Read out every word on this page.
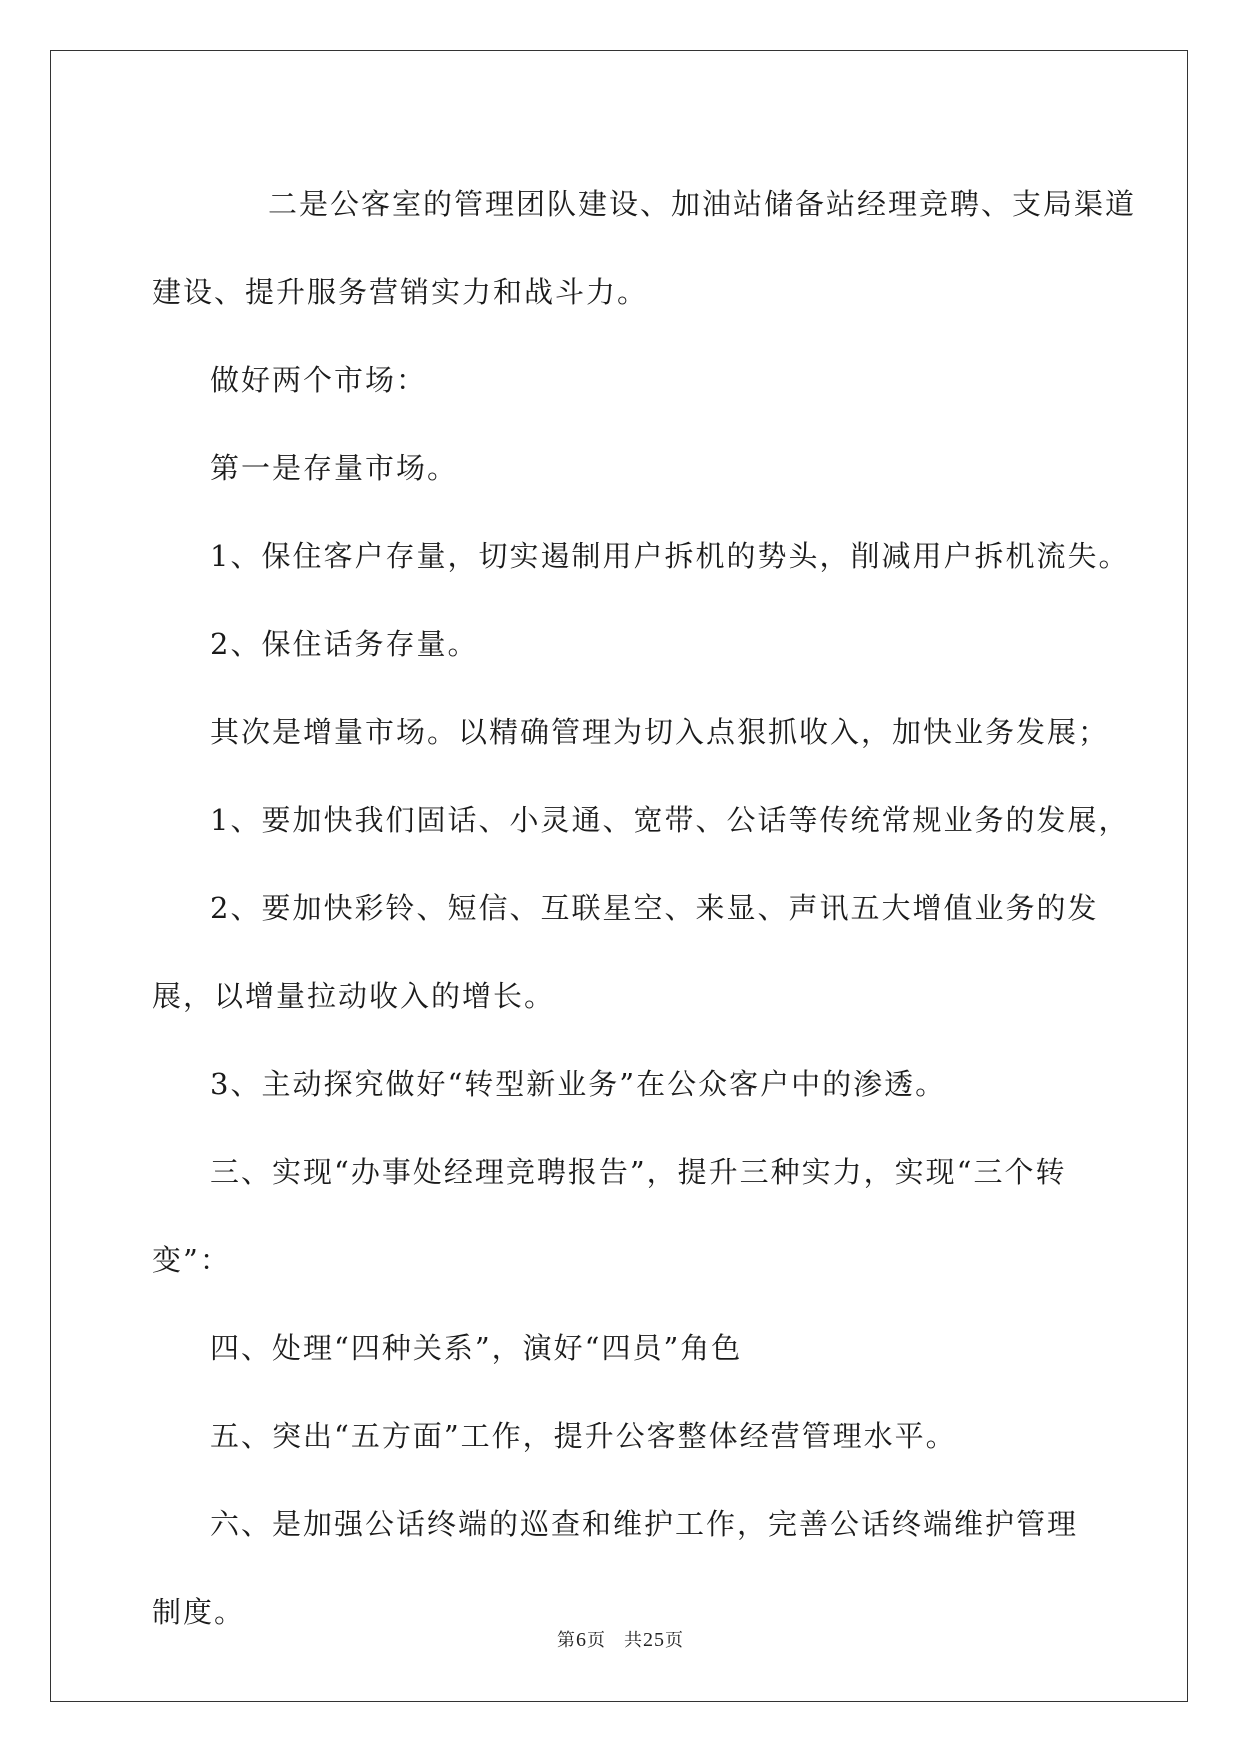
二是公客室的管理团队建设、加油站储备站经理竞聘、支局渠道
建设、提升服务营销实力和战斗力。
做好两个市场：
第一是存量市场。
1、保住客户存量，切实遏制用户拆机的势头，削减用户拆机流失。
2、保住话务存量。
其次是增量市场。以精确管理为切入点狠抓收入，加快业务发展；
1、要加快我们固话、小灵通、宽带、公话等传统常规业务的发展，
2、要加快彩铃、短信、互联星空、来显、声讯五大增值业务的发
展，以增量拉动收入的增长。
3、主动探究做好“转型新业务”在公众客户中的渗透。
三、实现“办事处经理竞聘报告”，提升三种实力，实现“三个转
变”：
四、处理“四种关系”，演好“四员”角色
五、突出“五方面”工作，提升公客整体经营管理水平。
六、是加强公话终端的巡查和维护工作，完善公话终端维护管理
制度。
第6页 共25页
